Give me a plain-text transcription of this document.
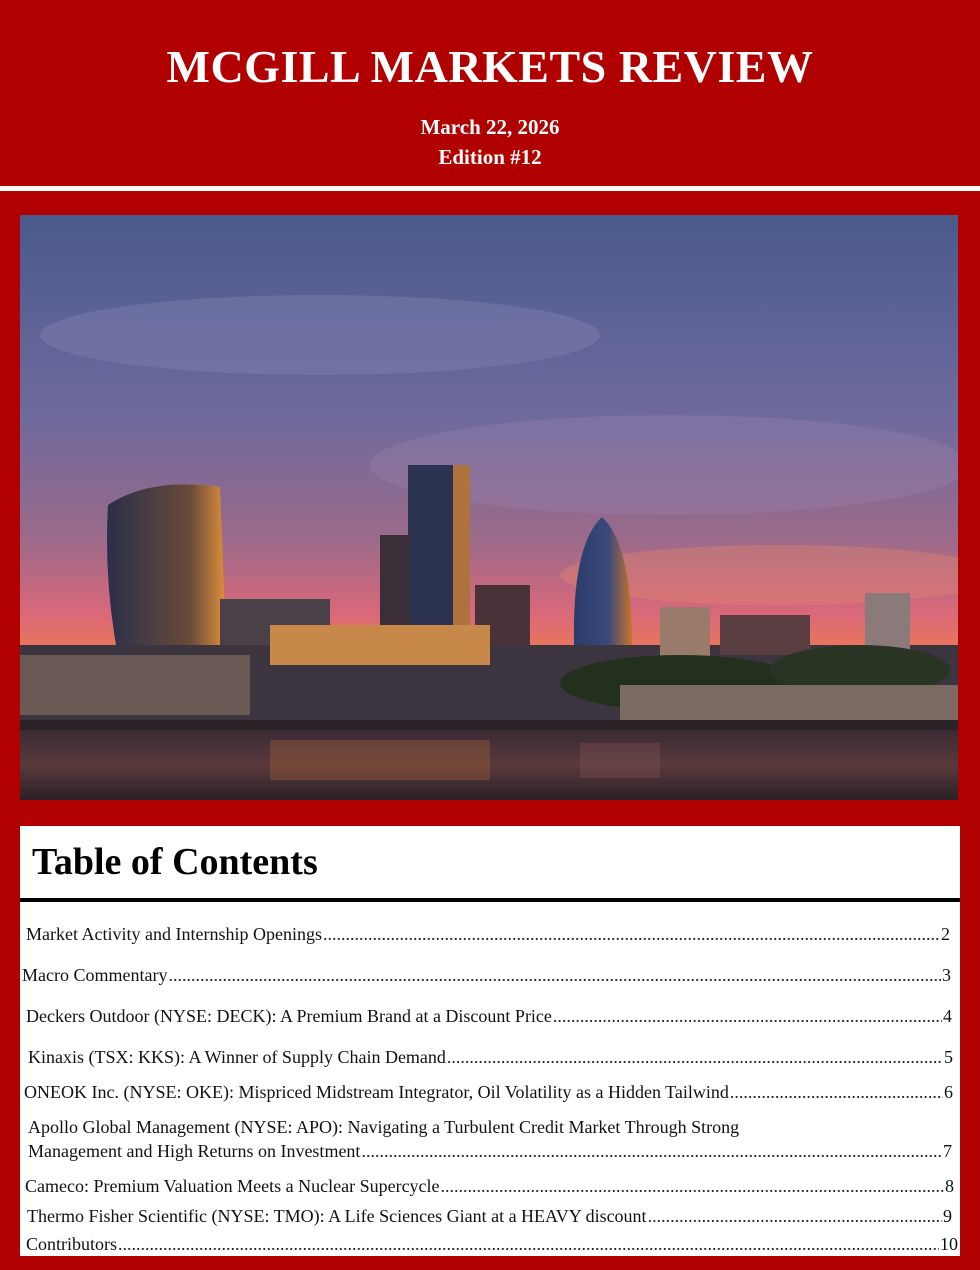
MCGILL MARKETS REVIEW
March 22, 2026
Edition #12
Table of Contents
Market Activity and Internship Openings .....	2
Macro Commentary .....	3
Deckers Outdoor (NYSE: DECK): A Premium Brand at a Discount Price .....	4
Kinaxis (TSX: KKS): A Winner of Supply Chain Demand .....	5
ONEOK Inc. (NYSE: OKE): Mispriced Midstream Integrator, Oil Volatility as a Hidden Tailwind .....	6
Apollo Global Management (NYSE: APO): Navigating a Turbulent Credit Market Through Strong
Management and High Returns on Investment .....	7
Cameco: Premium Valuation Meets a Nuclear Supercycle .....	8
Thermo Fisher Scientific (NYSE: TMO): A Life Sciences Giant at a HEAVY discount .....	9
Contributors .....	10
